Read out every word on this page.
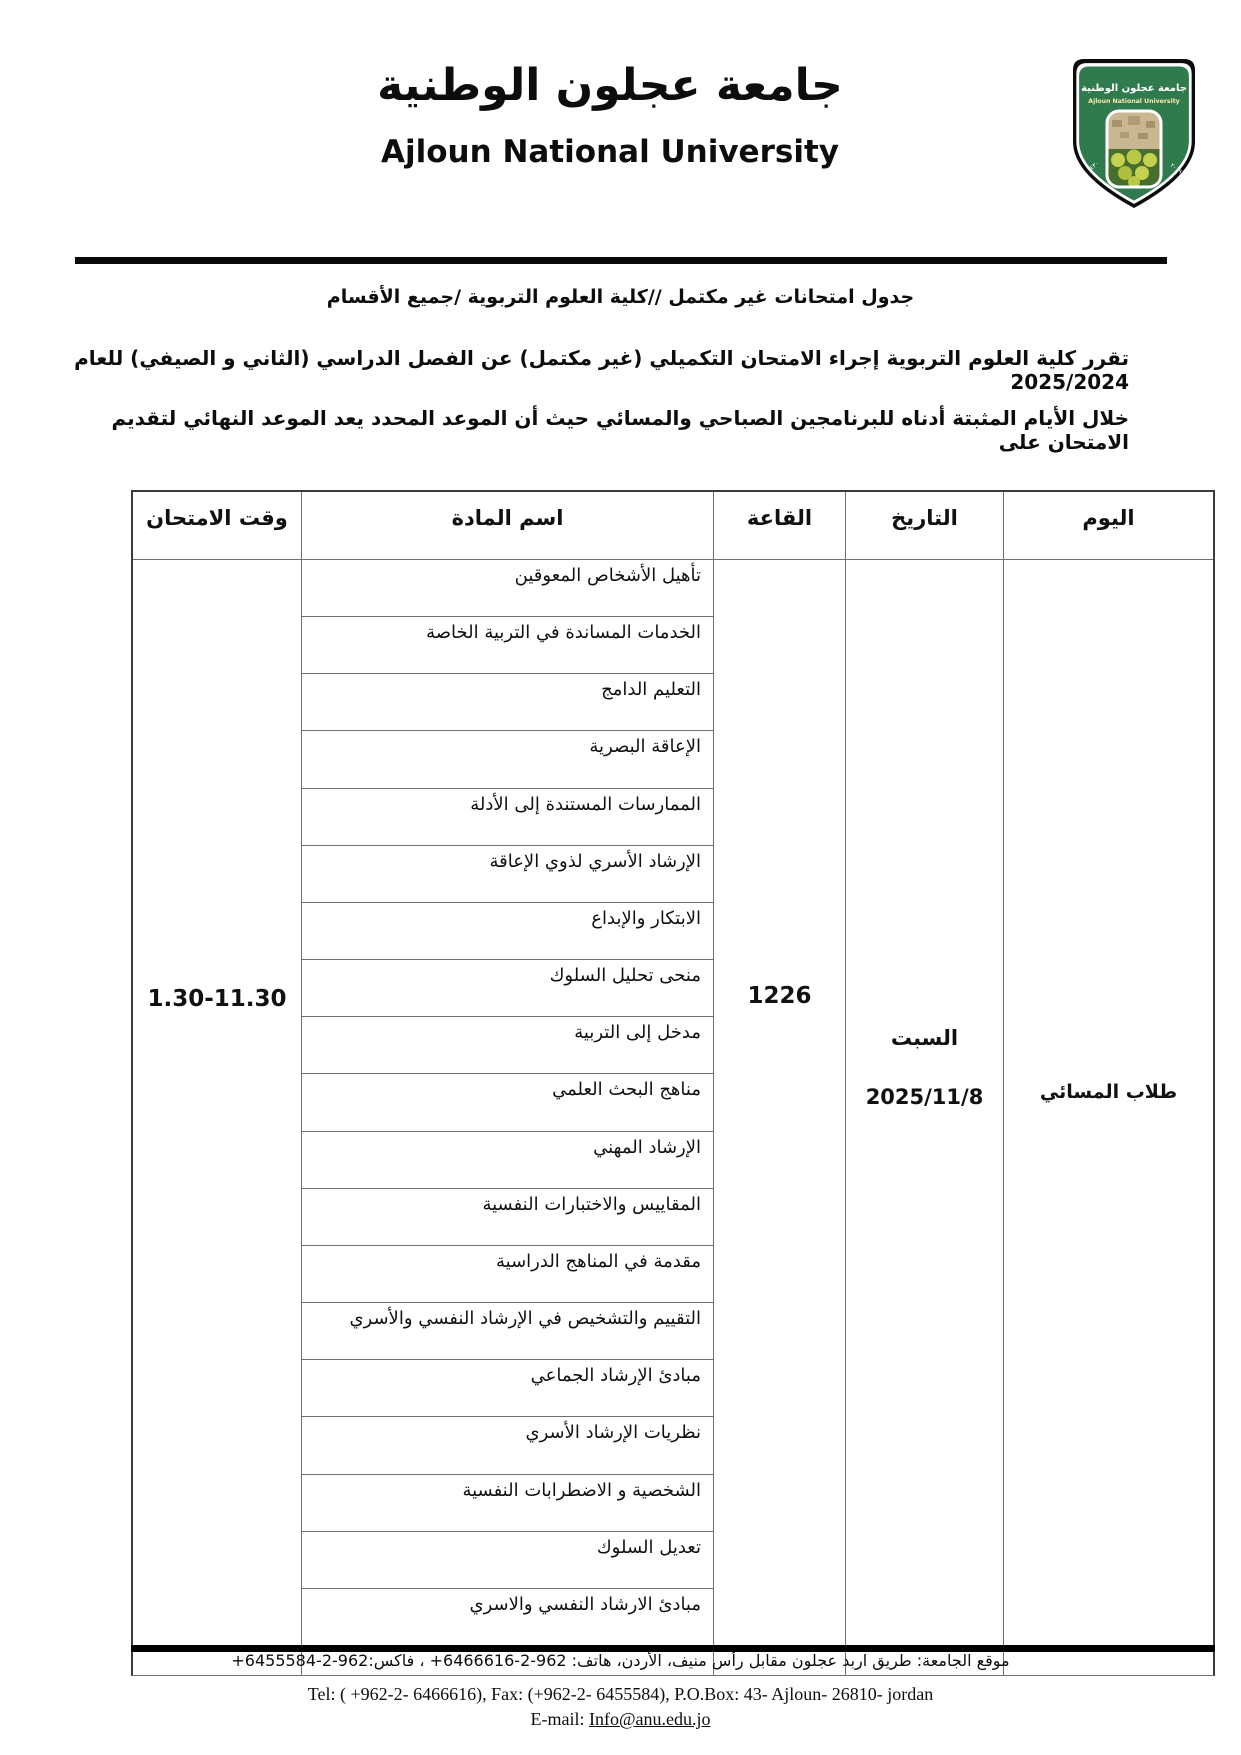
جامعة عجلون الوطنية
Ajloun National University
جامعة عجلون الوطنية
Ajloun National University
١٤٣٠	٢٠٠٩
جدول امتحانات غير مكتمل //كلية العلوم التربوية /جميع الأقسام
تقرر كلية العلوم التربوية إجراء الامتحان التكميلي (غير مكتمل) عن الفصل الدراسي (الثاني و الصيفي) للعام 2025/2024
خلال الأيام المثبتة أدناه للبرنامجين الصباحي والمسائي حيث أن الموعد المحدد يعد الموعد النهائي لتقديم الامتحان على
اليوم
التاريخ
القاعة
اسم المادة
وقت الامتحان
طلاب المسائي
السبت
2025/11/8
1226
1.30-11.30
تأهيل الأشخاص المعوقين
الخدمات المساندة في التربية الخاصة
التعليم الدامج
الإعاقة البصرية
الممارسات المستندة إلى الأدلة
الإرشاد الأسري لذوي الإعاقة
الابتكار والإبداع
منحى تحليل السلوك
مدخل إلى التربية
مناهج البحث العلمي
الإرشاد المهني
المقاييس والاختبارات النفسية
مقدمة في المناهج الدراسية
التقييم والتشخيص في الإرشاد النفسي والأسري
مبادئ الإرشاد الجماعي
نظريات الإرشاد الأسري
الشخصية و الاضطرابات النفسية
تعديل السلوك
مبادئ الارشاد النفسي والاسري
موقع الجامعة: طريق اربد عجلون مقابل رأس منيف، الأردن، هاتف: 962-2-6466616+ ، فاكس:962-2-6455584+
Tel: ( +962-2- 6466616), Fax: (+962-2- 6455584), P.O.Box: 43- Ajloun- 26810- jordan
E-mail: Info@anu.edu.jo
